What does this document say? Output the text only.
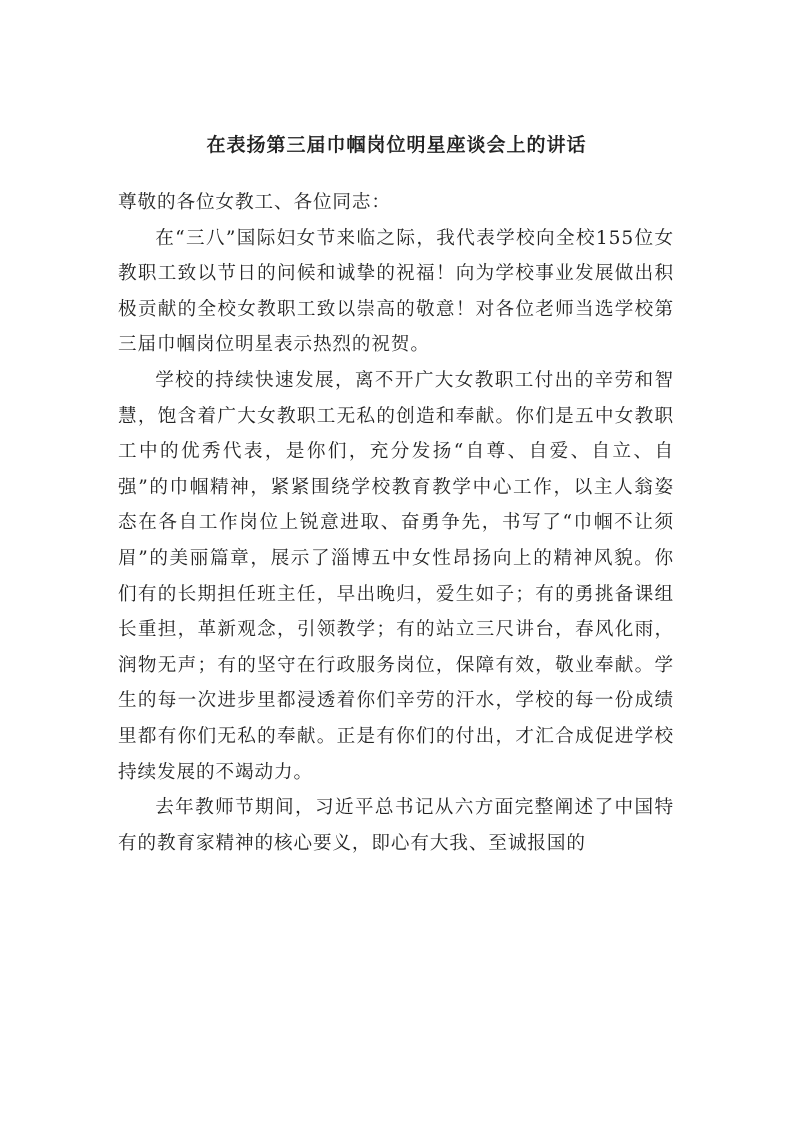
在表扬第三届巾帼岗位明星座谈会上的讲话

尊敬的各位女教工、各位同志：

在“三八”国际妇女节来临之际，我代表学校向全校155位女教职工致以节日的问候和诚挚的祝福！向为学校事业发展做出积极贡献的全校女教职工致以崇高的敬意！对各位老师当选学校第三届巾帼岗位明星表示热烈的祝贺。

学校的持续快速发展，离不开广大女教职工付出的辛劳和智慧，饱含着广大女教职工无私的创造和奉献。你们是五中女教职工中的优秀代表，是你们，充分发扬“自尊、自爱、自立、自强”的巾帼精神，紧紧围绕学校教育教学中心工作，以主人翁姿态在各自工作岗位上锐意进取、奋勇争先，书写了“巾帼不让须眉”的美丽篇章，展示了淄博五中女性昂扬向上的精神风貌。你们有的长期担任班主任，早出晚归，爱生如子；有的勇挑备课组长重担，革新观念，引领教学；有的站立三尺讲台，春风化雨，润物无声；有的坚守在行政服务岗位，保障有效，敬业奉献。学生的每一次进步里都浸透着你们辛劳的汗水，学校的每一份成绩里都有你们无私的奉献。正是有你们的付出，才汇合成促进学校持续发展的不竭动力。

去年教师节期间，习近平总书记从六方面完整阐述了中国特有的教育家精神的核心要义，即心有大我、至诚报国的
